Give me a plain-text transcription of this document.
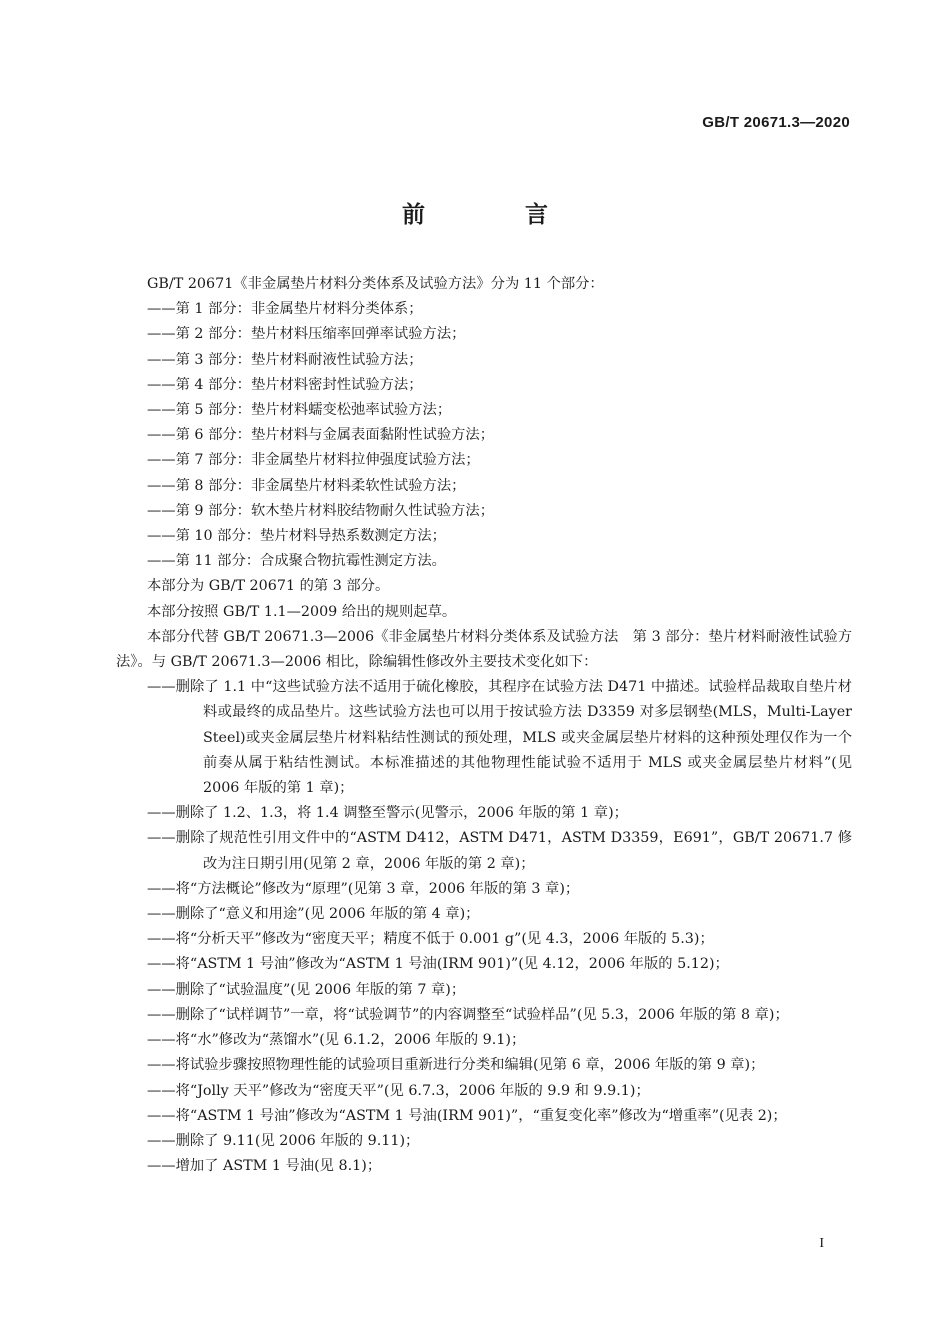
GB/T 20671.3—2020
前 言

GB/T 20671《非金属垫片材料分类体系及试验方法》分为 11 个部分：

——第 1 部分：非金属垫片材料分类体系；

——第 2 部分：垫片材料压缩率回弹率试验方法；

——第 3 部分：垫片材料耐液性试验方法；

——第 4 部分：垫片材料密封性试验方法；

——第 5 部分：垫片材料蠕变松弛率试验方法；

——第 6 部分：垫片材料与金属表面黏附性试验方法；

——第 7 部分：非金属垫片材料拉伸强度试验方法；

——第 8 部分：非金属垫片材料柔软性试验方法；

——第 9 部分：软木垫片材料胶结物耐久性试验方法；

——第 10 部分：垫片材料导热系数测定方法；

——第 11 部分：合成聚合物抗霉性测定方法。

本部分为 GB/T 20671 的第 3 部分。

本部分按照 GB/T 1.1—2009 给出的规则起草。

本部分代替 GB/T 20671.3—2006《非金属垫片材料分类体系及试验方法　第 3 部分：垫片材料耐液性试验方法》。与 GB/T 20671.3—2006 相比，除编辑性修改外主要技术变化如下：

——删除了 1.1 中“这些试验方法不适用于硫化橡胶，其程序在试验方法 D471 中描述。试验样品裁取自垫片材料或最终的成品垫片。这些试验方法也可以用于按试验方法 D3359 对多层钢垫(MLS，Multi-Layer Steel)或夹金属层垫片材料粘结性测试的预处理，MLS 或夹金属层垫片材料的这种预处理仅作为一个前奏从属于粘结性测试。本标准描述的其他物理性能试验不适用于 MLS 或夹金属层垫片材料”(见 2006 年版的第 1 章)；

——删除了 1.2、1.3，将 1.4 调整至警示(见警示，2006 年版的第 1 章)；

——删除了规范性引用文件中的“ASTM D412，ASTM D471，ASTM D3359，E691”，GB/T 20671.7 修改为注日期引用(见第 2 章，2006 年版的第 2 章)；

——将“方法概论”修改为“原理”(见第 3 章，2006 年版的第 3 章)；

——删除了“意义和用途”(见 2006 年版的第 4 章)；

——将“分析天平”修改为“密度天平；精度不低于 0.001 g”(见 4.3，2006 年版的 5.3)；

——将“ASTM 1 号油”修改为“ASTM 1 号油(IRM 901)”(见 4.12，2006 年版的 5.12)；

——删除了“试验温度”(见 2006 年版的第 7 章)；

——删除了“试样调节”一章，将“试验调节”的内容调整至“试验样品”(见 5.3，2006 年版的第 8 章)；

——将“水”修改为“蒸馏水”(见 6.1.2，2006 年版的 9.1)；

——将试验步骤按照物理性能的试验项目重新进行分类和编辑(见第 6 章，2006 年版的第 9 章)；

——将“Jolly 天平”修改为“密度天平”(见 6.7.3，2006 年版的 9.9 和 9.9.1)；

——将“ASTM 1 号油”修改为“ASTM 1 号油(IRM 901)”，“重复变化率”修改为“增重率”(见表 2)；

——删除了 9.11(见 2006 年版的 9.11)；

——增加了 ASTM 1 号油(见 8.1)；

I
